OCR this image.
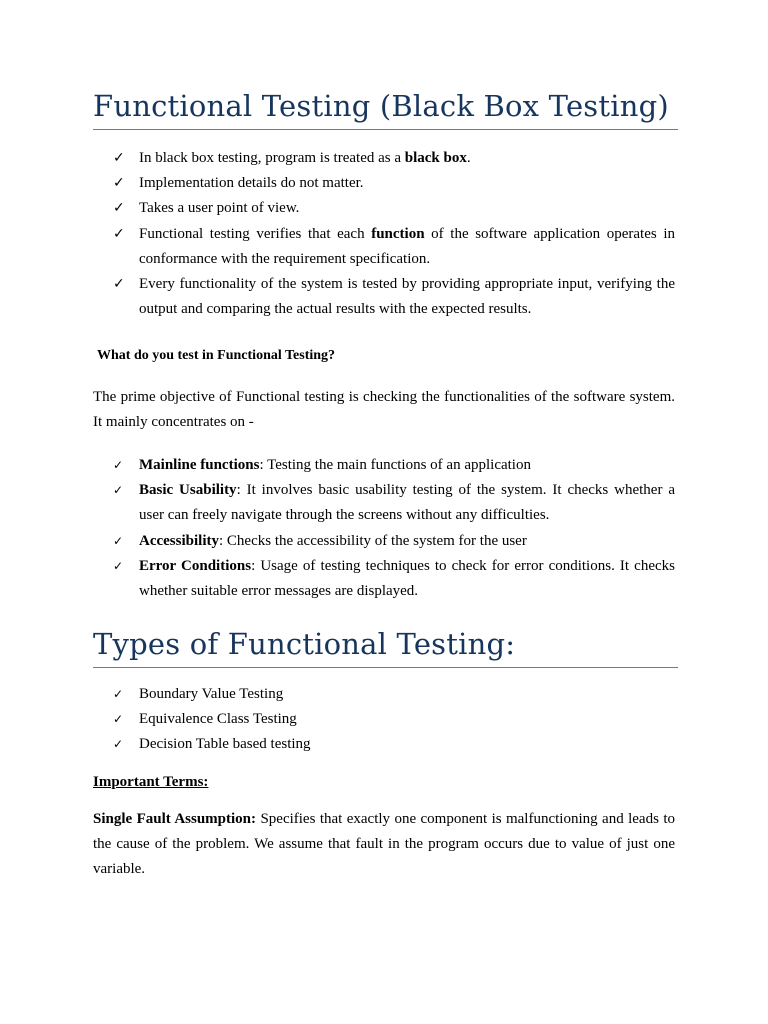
Functional Testing (Black Box Testing)
✓ In black box testing, program is treated as a black box.
✓ Implementation details do not matter.
✓ Takes a user point of view.
✓ Functional testing verifies that each function of the software application operates in conformance with the requirement specification.
✓ Every functionality of the system is tested by providing appropriate input, verifying the output and comparing the actual results with the expected results.

What do you test in Functional Testing?

The prime objective of Functional testing is checking the functionalities of the software system. It mainly concentrates on -

✓ Mainline functions: Testing the main functions of an application
✓ Basic Usability: It involves basic usability testing of the system. It checks whether a user can freely navigate through the screens without any difficulties.
✓ Accessibility: Checks the accessibility of the system for the user
✓ Error Conditions: Usage of testing techniques to check for error conditions. It checks whether suitable error messages are displayed.
Types of Functional Testing:
✓ Boundary Value Testing
✓ Equivalence Class Testing
✓ Decision Table based testing

Important Terms:

Single Fault Assumption: Specifies that exactly one component is malfunctioning and leads to the cause of the problem. We assume that fault in the program occurs due to value of just one variable.
